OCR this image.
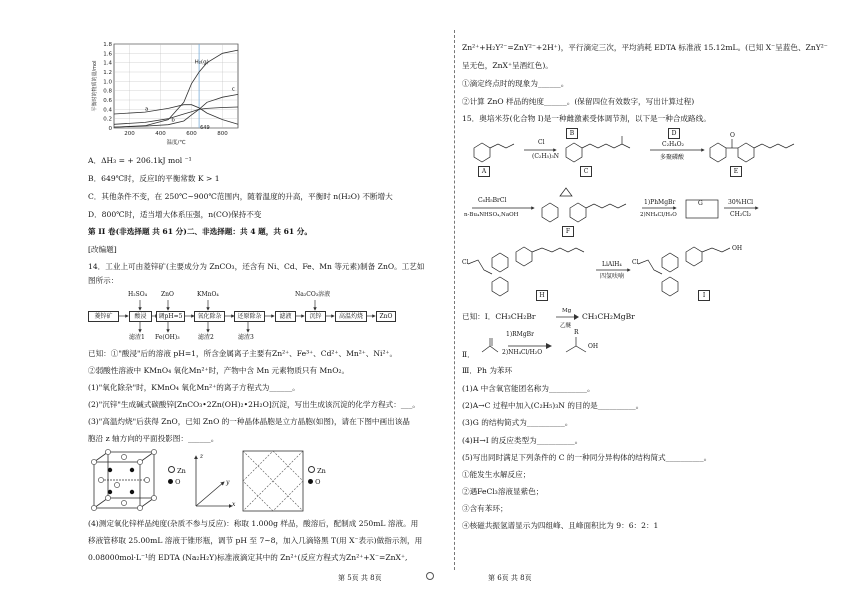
1.8
1.6
1.4
1.2
1.0
0.8
0.6
0.4
0.2
0
200	400	600	800
649
H₂(g)
a
b
c
平衡时的物质的量/mol
温度/℃
A．ΔH₃ = + 206.1kJ mol ⁻¹
B．649℃时，反应Ⅰ的平衡常数 K > 1
C．其他条件不变，在 250℃~900℃范围内，随着温度的升高，平衡时 n(H₂O) 不断增大
D．800℃时，适当增大体系压强，n(CO)保持不变
第 II 卷(非选择题 共 61 分)二、非选择题：共 4 题，共 61 分。
[改编题]
14．工业上可由菱锌矿(主要成分为 ZnCO₃，还含有 Ni、Cd、Fe、Mn 等元素)制备 ZnO。工艺如
图所示：
H₂SO₄ ZnO	KMnO₄	Na₂CO₃溶液
菱锌矿	酸浸	调pH=5	氧化除杂	还原除杂	滤液	沉锌	高温灼烧	ZnO
滤渣1 Fe(OH)₃	滤渣2	滤渣3
已知：①"酸浸"后的溶液 pH=1，所含金属离子主要有Zn²⁺、Fe³⁺、Cd²⁺、Mn²⁺、Ni²⁺。
②弱酸性溶液中 KMnO₄ 氧化Mn²⁺时，产物中含 Mn 元素物质只有 MnO₂。
(1)"氧化除杂"时，KMnO₄ 氧化Mn²⁺的离子方程式为______。
(2)"沉锌"生成碱式碳酸锌[ZnCO₃•2Zn(OH)₂•2H₂O]沉淀，写出生成该沉淀的化学方程式：___。
(3)"高温灼烧"后获得 ZnO，已知 ZnO 的一种晶体晶胞是立方晶胞(如图)，请在下图中画出该晶
胞沿 z 轴方向的平面投影图：______。
Zn
O
z
y
x
Zn
O
(4)测定氧化锌样品纯度(杂质不参与反应)：称取 1.000g 样品，酸溶后，配制成 250mL 溶液。用
移液管移取 25.00mL 溶液于锥形瓶，调节 pH 至 7~8，加入几滴铬黑 T(用 X⁻表示)做指示剂，用
0.08000mol·L⁻¹的 EDTA (Na₂H₂Y)标准液滴定其中的 Zn²⁺(反应方程式为Zn²⁺+X⁻=ZnX⁺,
Zn²⁺+H₂Y²⁻=ZnY²⁻+2H⁺)，平行滴定三次，平均消耗 EDTA 标准液 15.12mL。(已知 X⁻呈蓝色、ZnY²⁻
呈无色，ZnX⁺呈酒红色)。
①滴定终点时的现象为______。
②计算 ZnO 样品的纯度______。(保留四位有效数字，写出计算过程)
15．奥培米芬(化合物 I)是一种雌激素受体调节剂，以下是一种合成路线。
A
B
(C₂H₅)₃N
Cl
C
D
C₂H₄O₂
多聚磷酸
O
E
C₆H₅BrCl
n-Bu₄NHSO₄,NaOH
F
1)PhMgBr
2)NH₄Cl/H₂O
G	30%HCl
CH₂Cl₂
Cl
H
LiAlH₄
四氢呋喃
Cl
OH
I
已知：Ⅰ．CH₃CH₂Br
Mg
乙醚
CH₃CH₂MgBr
Ⅱ．
1)RMgBr
2)NH₄Cl/H₂O
R
OH
Ⅲ．Ph 为苯环
(1)A 中含氧官能团名称为__________。
(2)A→C 过程中加入(C₂H₅)₃N 的目的是__________。
(3)G 的结构简式为__________。
(4)H→I 的反应类型为__________。
(5)写出同时满足下列条件的 C 的一种同分异构体的结构简式__________。
①能发生水解反应；
②遇FeCl₃溶液显紫色；
③含有苯环；
④核磁共振氢谱显示为四组峰、且峰面积比为 9：6：2：1
第 5页 共 8页	第 6页 共 8页
